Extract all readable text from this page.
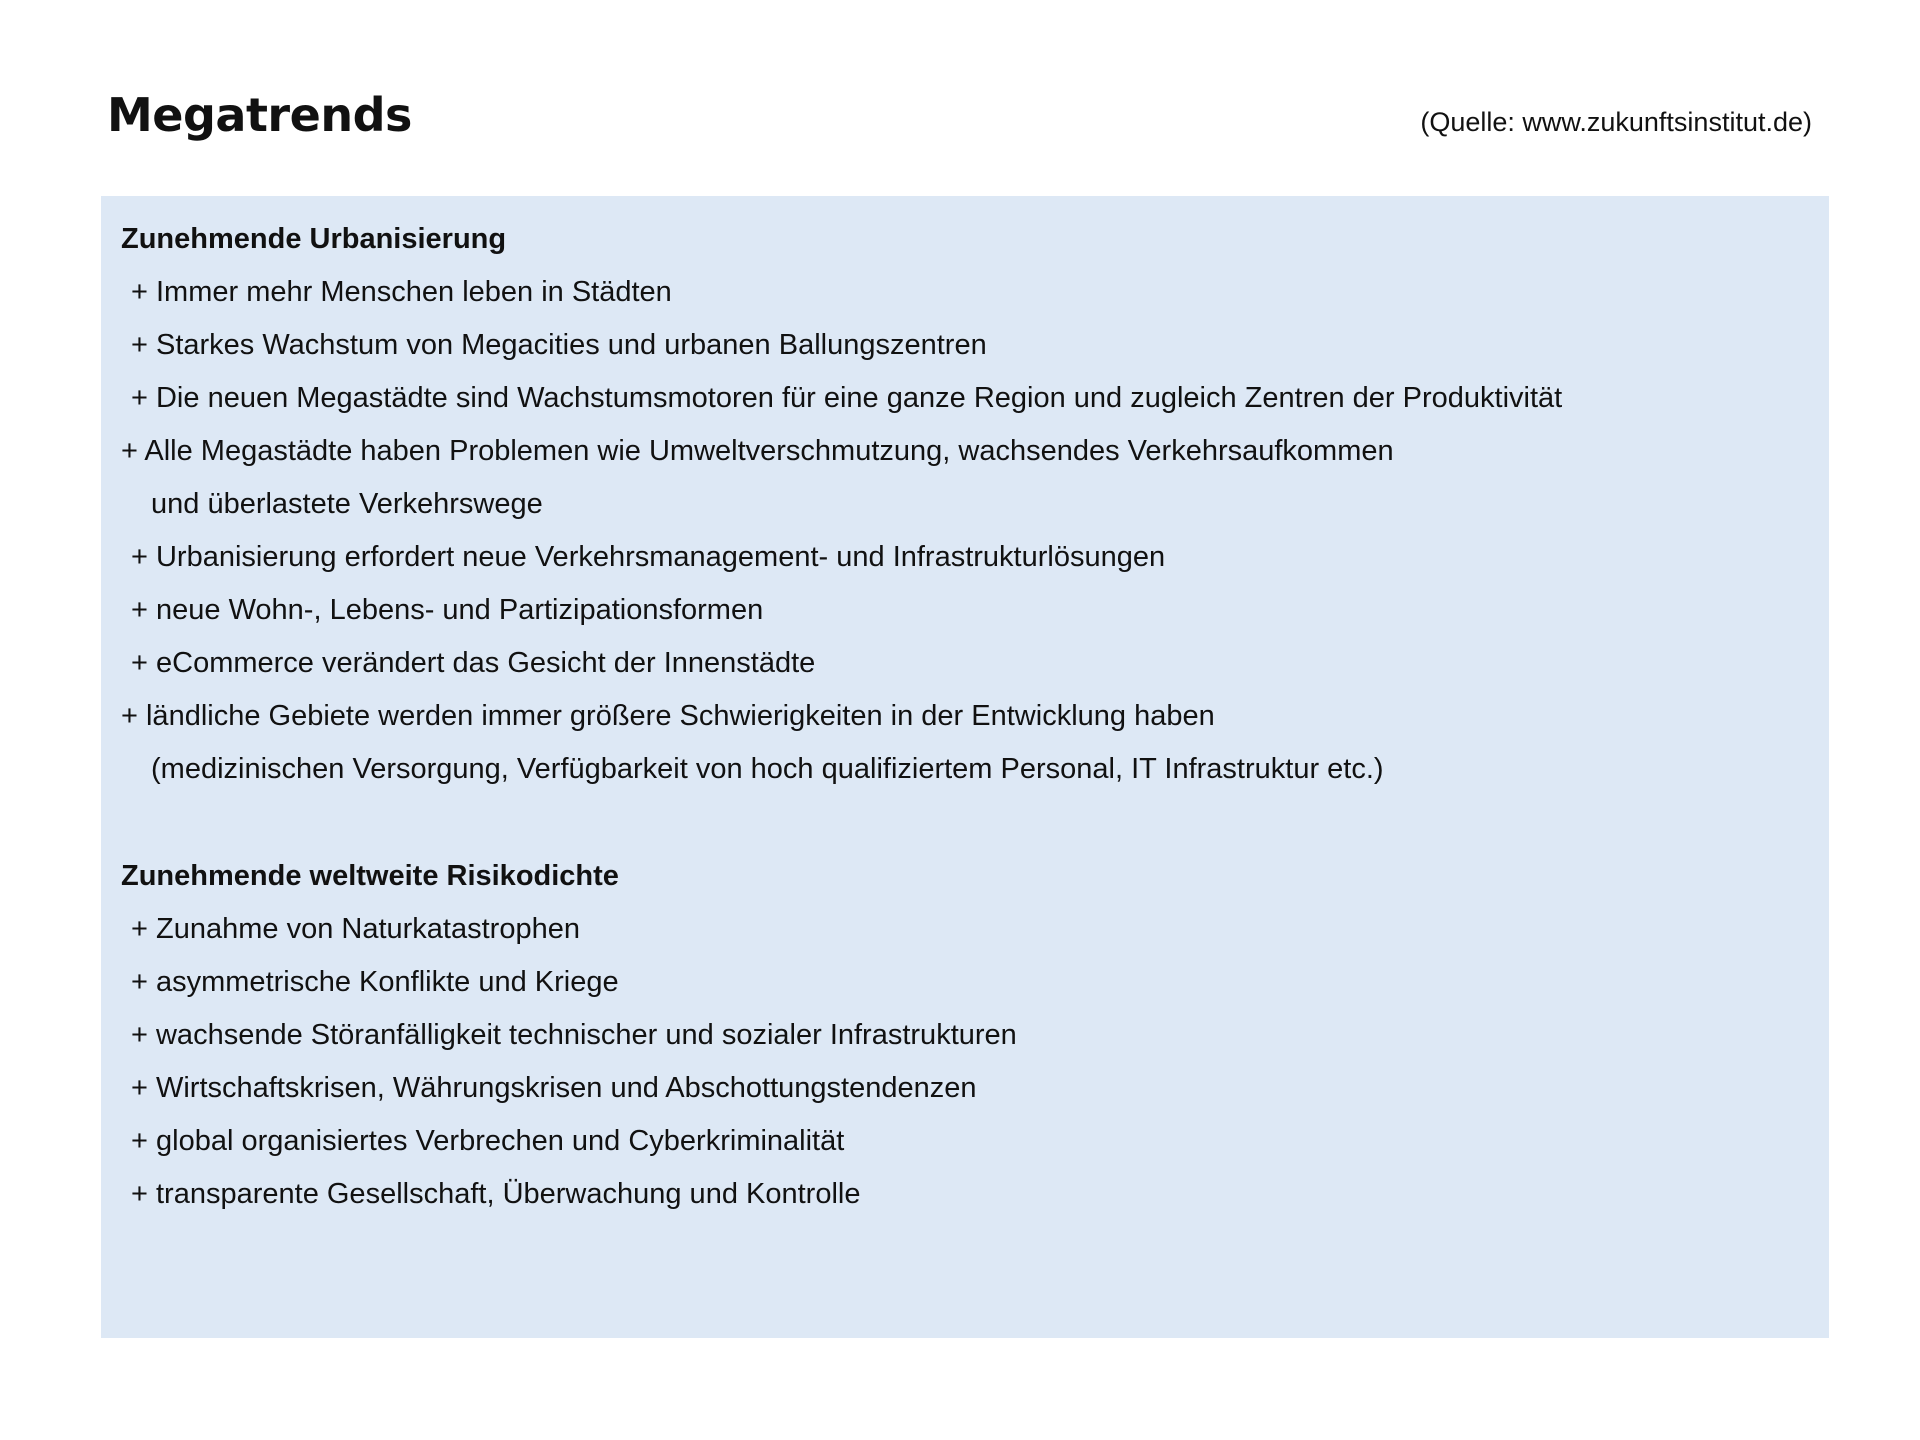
Megatrends	(Quelle: www.zukunftsinstitut.de)
Zunehmende Urbanisierung
+ Immer mehr Menschen leben in Städten
+ Starkes Wachstum von Megacities und urbanen Ballungszentren
+ Die neuen Megastädte sind Wachstumsmotoren für eine ganze Region und zugleich Zentren der Produktivität
+ Alle Megastädte haben Problemen wie Umweltverschmutzung, wachsendes Verkehrsaufkommen
und überlastete Verkehrswege
+ Urbanisierung erfordert neue Verkehrsmanagement- und Infrastrukturlösungen
+ neue Wohn-, Lebens- und Partizipationsformen
+ eCommerce verändert das Gesicht der Innenstädte
+ ländliche Gebiete werden immer größere Schwierigkeiten in der Entwicklung haben
(medizinischen Versorgung, Verfügbarkeit von hoch qualifiziertem Personal, IT Infrastruktur etc.)
Zunehmende weltweite Risikodichte
+ Zunahme von Naturkatastrophen
+ asymmetrische Konflikte und Kriege
+ wachsende Störanfälligkeit technischer und sozialer Infrastrukturen
+ Wirtschaftskrisen, Währungskrisen und Abschottungstendenzen
+ global organisiertes Verbrechen und Cyberkriminalität
+ transparente Gesellschaft, Überwachung und Kontrolle
